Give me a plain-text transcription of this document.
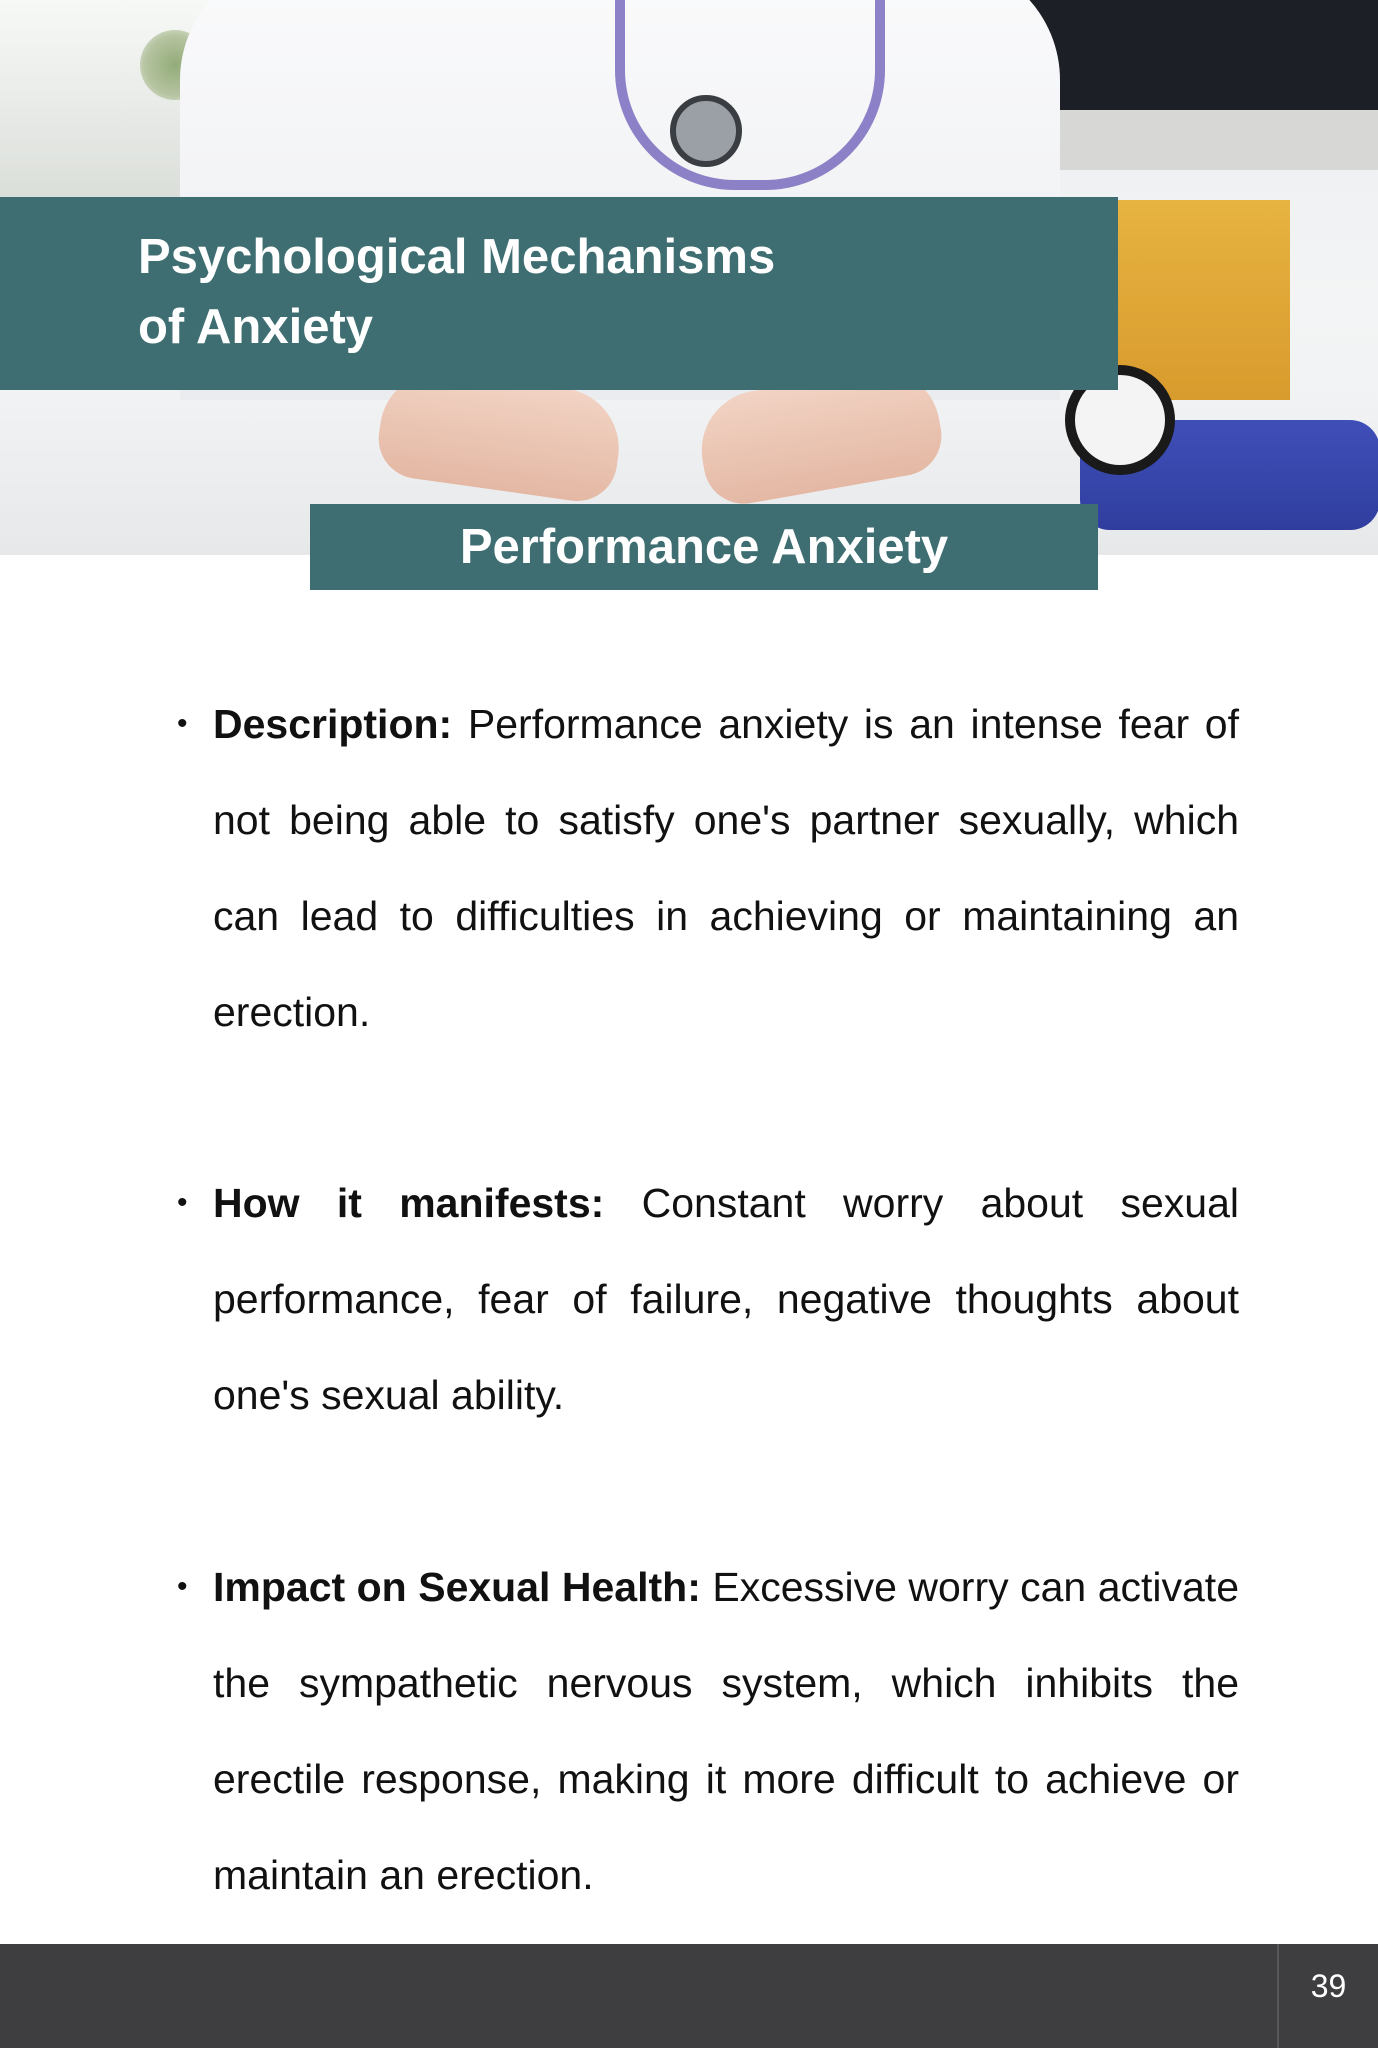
Psychological Mechanisms
of Anxiety
Performance Anxiety
• Description: Performance anxiety is an intense fear of not being able to satisfy one's partner sexually, which can lead to difficulties in achieving or maintaining an erection.
• How it manifests: Constant worry about sexual performance, fear of failure, negative thoughts about one's sexual ability.
• Impact on Sexual Health: Excessive worry can activate the sympathetic nervous system, which inhibits the erectile response, making it more difficult to achieve or maintain an erection.
39
